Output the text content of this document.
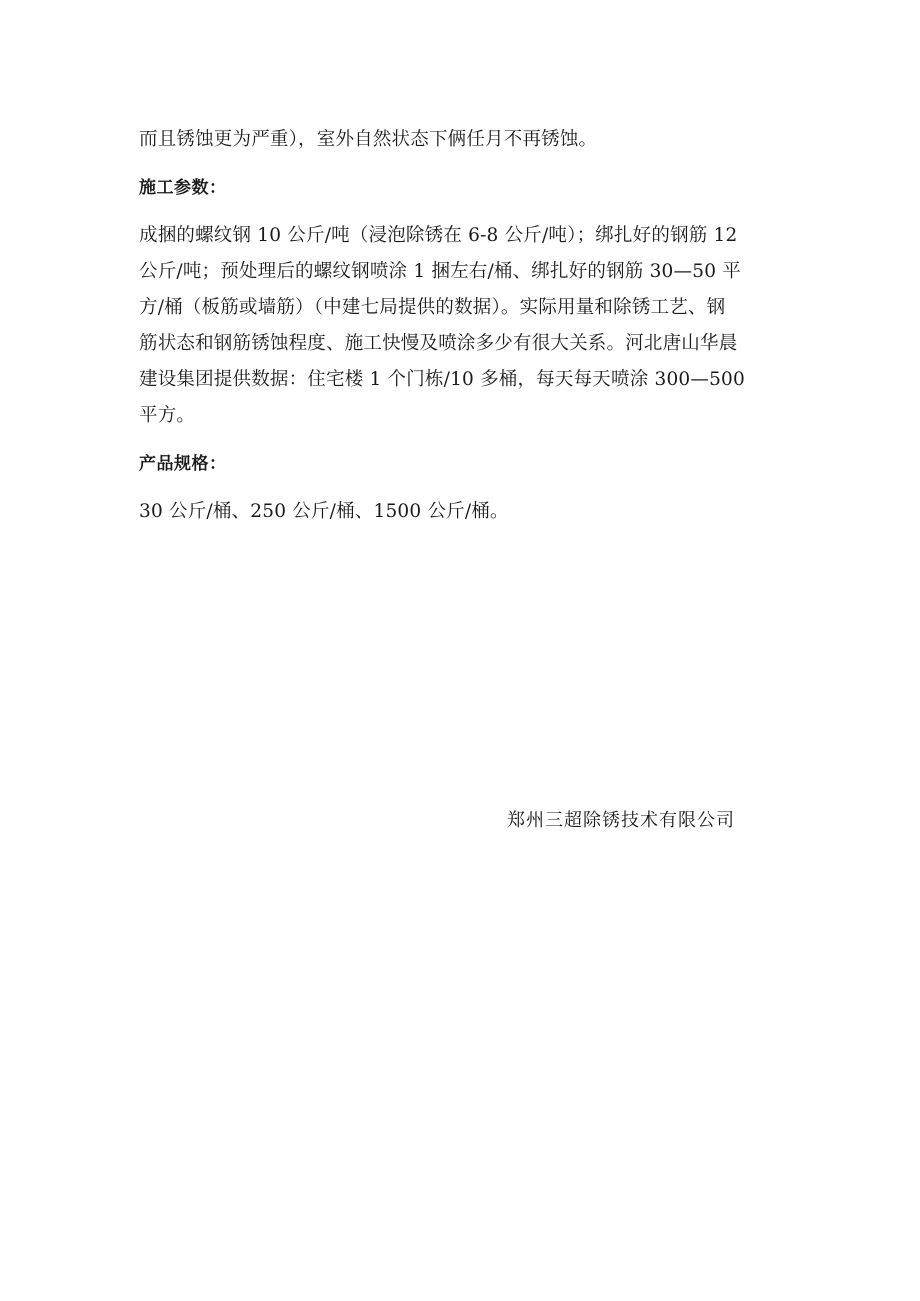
而且锈蚀更为严重），室外自然状态下俩任月不再锈蚀。
施工参数：
成捆的螺纹钢 10 公斤/吨（浸泡除锈在 6-8 公斤/吨）；绑扎好的钢筋 12
公斤/吨；预处理后的螺纹钢喷涂 1 捆左右/桶、绑扎好的钢筋 30—50 平
方/桶（板筋或墙筋）（中建七局提供的数据）。实际用量和除锈工艺、钢
筋状态和钢筋锈蚀程度、施工快慢及喷涂多少有很大关系。河北唐山华晨
建设集团提供数据：住宅楼 1 个门栋/10 多桶，每天每天喷涂 300—500
平方。
产品规格：
30 公斤/桶、250 公斤/桶、1500 公斤/桶。
郑州三超除锈技术有限公司
